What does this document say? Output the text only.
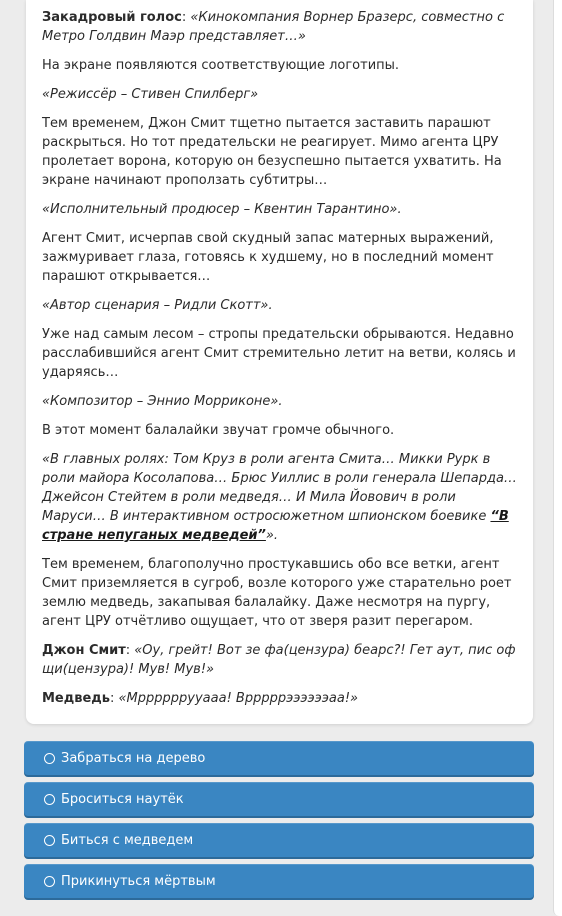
Закадровый голос: «Кинокомпания Ворнер Бразерс, совместно с Метро Голдвин Маэр представляет…»

На экране появляются соответствующие логотипы.

«Режиссёр – Стивен Спилберг»

Тем временем, Джон Смит тщетно пытается заставить парашют раскрыться. Но тот предательски не реагирует. Мимо агента ЦРУ пролетает ворона, которую он безуспешно пытается ухватить. На экране начинают проползать субтитры…

«Исполнительный продюсер – Квентин Тарантино».

Агент Смит, исчерпав свой скудный запас матерных выражений, зажмуривает глаза, готовясь к худшему, но в последний момент парашют открывается…

«Автор сценария – Ридли Скотт».

Уже над самым лесом – стропы предательски обрываются. Недавно расслабившийся агент Смит стремительно летит на ветви, колясь и ударяясь…

«Композитор – Эннио Морриконе».

В этот момент балалайки звучат громче обычного.

«В главных ролях: Том Круз в роли агента Смита… Микки Рурк в роли майора Косолапова… Брюс Уиллис в роли генерала Шепарда… Джейсон Стейтем в роли медведя… И Мила Йовович в роли Маруси… В интерактивном остросюжетном шпионском боевике “В стране непуганых медведей”».

Тем временем, благополучно простукавшись обо все ветки, агент Смит приземляется в сугроб, возле которого уже старательно роет землю медведь, закапывая балалайку. Даже несмотря на пургу, агент ЦРУ отчётливо ощущает, что от зверя разит перегаром.

Джон Смит: «Оу, грейт! Вот зе фа(цензура) беарс?! Гет аут, пис оф щи(цензура)! Мув! Мув!»

Медведь: «Мррррррууааа! Врррррээээээаа!»

Забраться на дерево
Броситься наутёк
Биться с медведем
Прикинуться мёртвым
